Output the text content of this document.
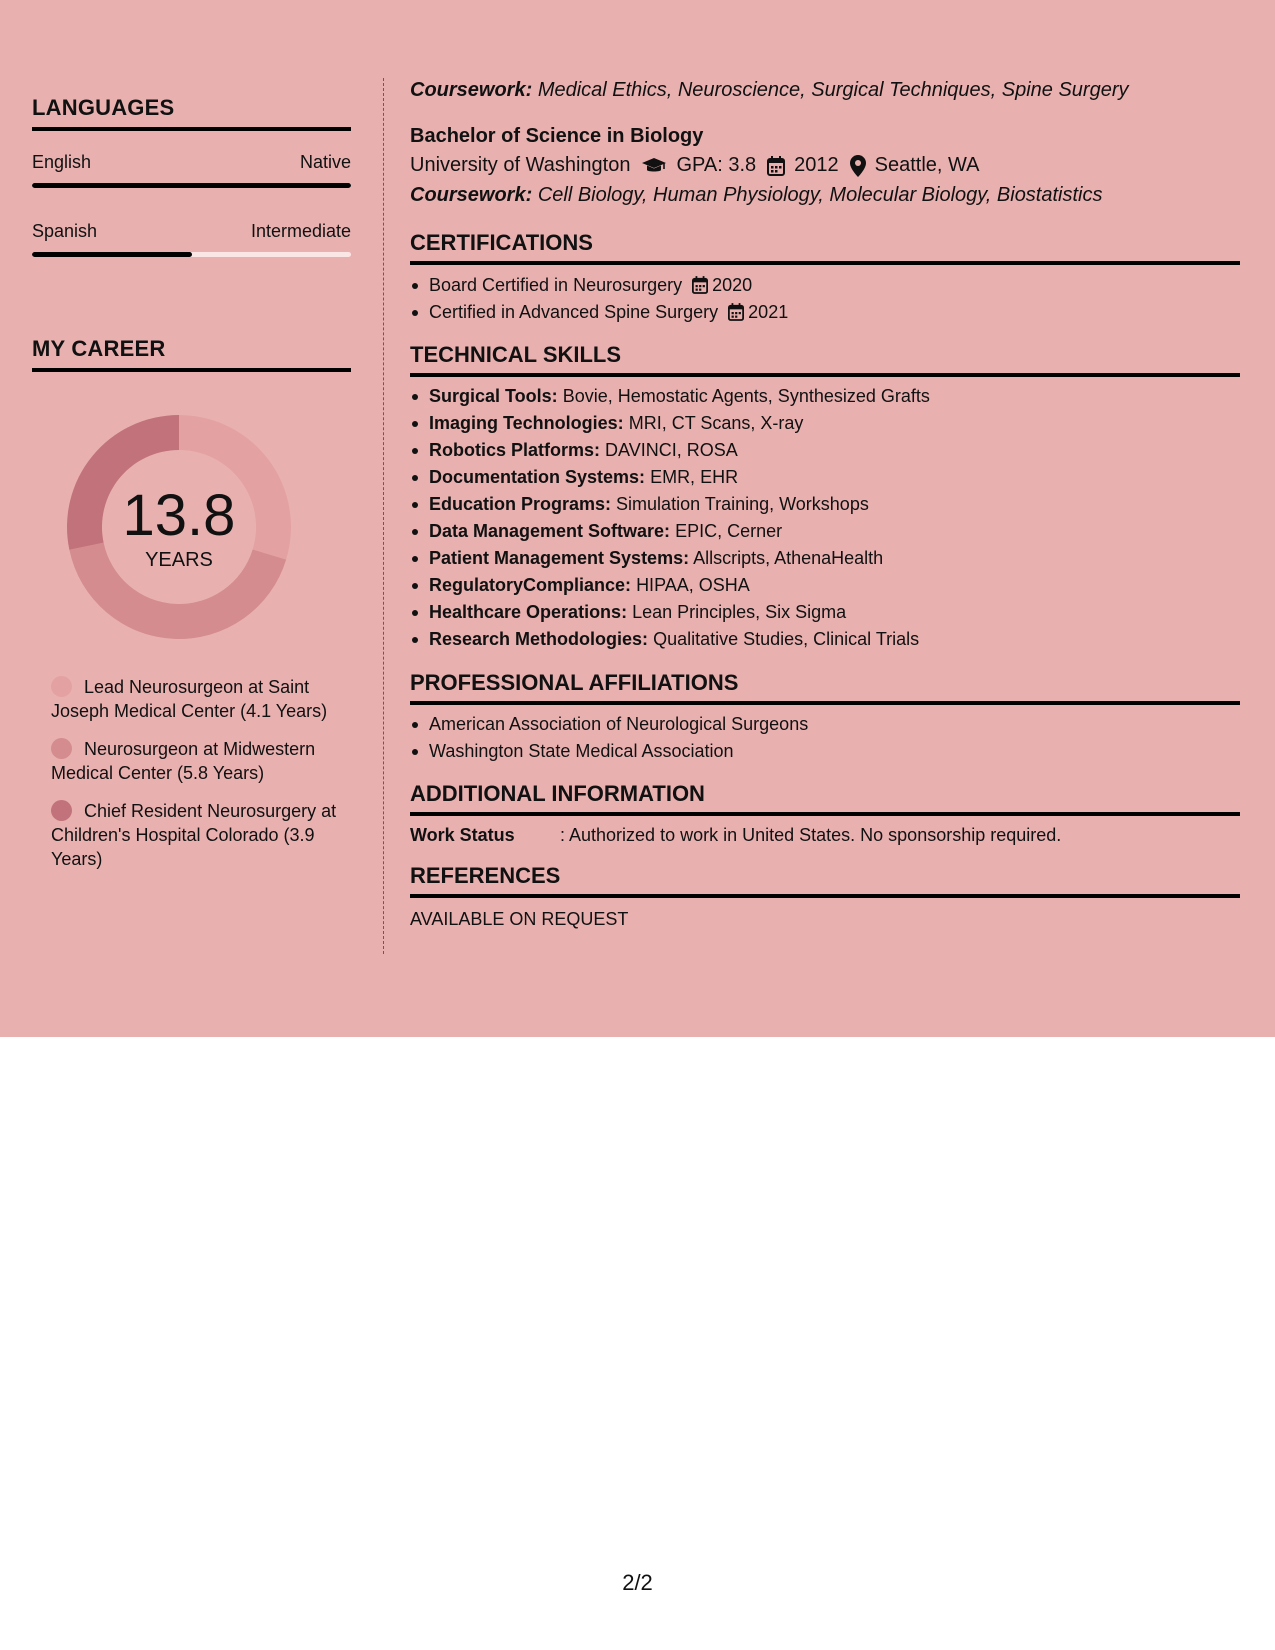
LANGUAGES
English	Native
Spanish	Intermediate
MY CAREER
13.8
YEARS
Lead Neurosurgeon at Saint Joseph Medical Center (4.1 Years)
Neurosurgeon at Midwestern Medical Center (5.8 Years)
Chief Resident Neurosurgery at Children's Hospital Colorado (3.9 Years)
Coursework: Medical Ethics, Neuroscience, Surgical Techniques, Spine Surgery
Bachelor of Science in Biology
University of Washington GPA: 3.8 2012 Seattle, WA
Coursework: Cell Biology, Human Physiology, Molecular Biology, Biostatistics
CERTIFICATIONS
Board Certified in Neurosurgery 2020
Certified in Advanced Spine Surgery 2021
TECHNICAL SKILLS
Surgical Tools: Bovie, Hemostatic Agents, Synthesized Grafts
Imaging Technologies: MRI, CT Scans, X-ray
Robotics Platforms: DAVINCI, ROSA
Documentation Systems: EMR, EHR
Education Programs: Simulation Training, Workshops
Data Management Software: EPIC, Cerner
Patient Management Systems: Allscripts, AthenaHealth
RegulatoryCompliance: HIPAA, OSHA
Healthcare Operations: Lean Principles, Six Sigma
Research Methodologies: Qualitative Studies, Clinical Trials
PROFESSIONAL AFFILIATIONS
American Association of Neurological Surgeons
Washington State Medical Association
ADDITIONAL INFORMATION
Work Status	: Authorized to work in United States. No sponsorship required.
REFERENCES
AVAILABLE ON REQUEST
2/2
